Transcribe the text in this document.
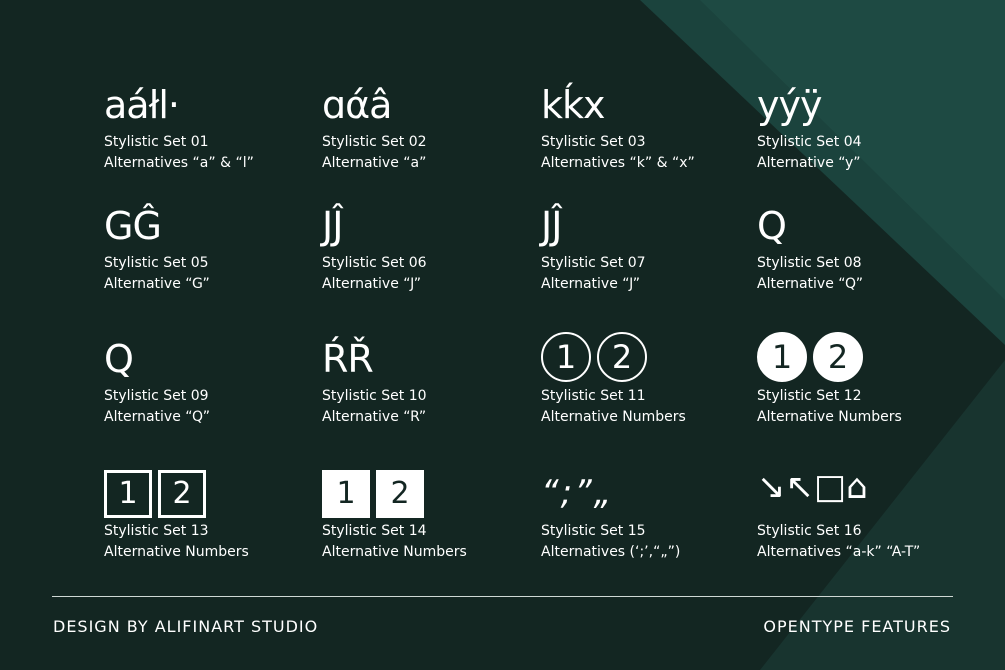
aáłl·
Stylistic Set 01
Alternatives “a” & “l”
ɑάâ
Stylistic Set 02
Alternative “a”
kḱx
Stylistic Set 03
Alternatives “k” & “x”
yýÿ
Stylistic Set 04
Alternative “y”
GĜ
Stylistic Set 05
Alternative “G”
JĴ
Stylistic Set 06
Alternative “J”
JĴ
Stylistic Set 07
Alternative “J”
Q
Stylistic Set 08
Alternative “Q”
Q
Stylistic Set 09
Alternative “Q”
ŔŘ
Stylistic Set 10
Alternative “R”
1 2
Stylistic Set 11
Alternative Numbers
1 2
Stylistic Set 12
Alternative Numbers
1 2
Stylistic Set 13
Alternative Numbers
1 2
Stylistic Set 14
Alternative Numbers
“;”„
Stylistic Set 15
Alternatives (‘;’,“„”)
↘↖□⌂
Stylistic Set 16
Alternatives “a-k” “A-T”
DESIGN BY ALIFINART STUDIO	OPENTYPE FEATURES
